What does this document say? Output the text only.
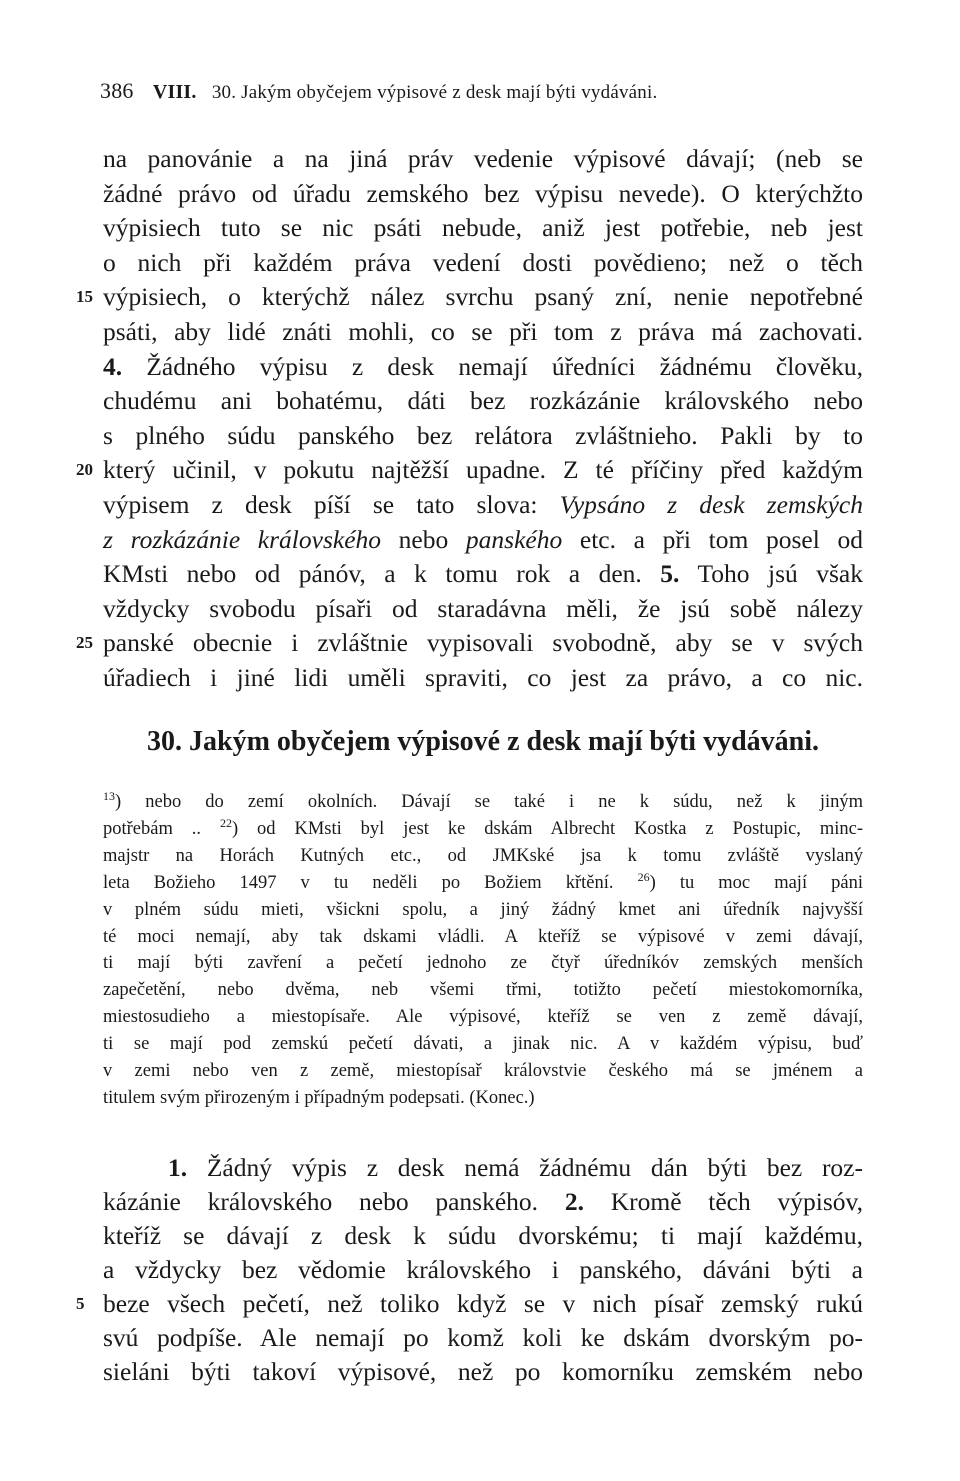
386 VIII. 30. Jakým obyčejem výpisové z desk mají býti vydáváni.
na panovánie a na jiná práv vedenie výpisové dávají; (neb se
žádné právo od úřadu zemského bez výpisu nevede). O kterýchžto
výpisiech tuto se nic psáti nebude, aniž jest potřebie, neb jest
o nich při každém práva vedení dosti povědieno; než o těch
výpisiech, o kterýchž nález svrchu psaný zní, nenie nepotřebné
15
psáti, aby lidé znáti mohli, co se při tom z práva má zachovati.
4. Žádného výpisu z desk nemají úředníci žádnému člověku,
chudému ani bohatému, dáti bez rozkázánie královského nebo
s plného súdu panského bez relátora zvláštnieho. Pakli by to
který učinil, v pokutu najtěžší upadne. Z té příčiny před každým
20
výpisem z desk píší se tato slova: Vypsáno z desk zemských
z rozkázánie královského nebo panského etc. a při tom posel od
KMsti nebo od pánóv, a k tomu rok a den. 5. Toho jsú však
vždycky svobodu písaři od staradávna měli, že jsú sobě nálezy
panské obecnie i zvláštnie vypisovali svobodně, aby se v svých
25
úřadiech i jiné lidi uměli spraviti, co jest za právo, a co nic.
30. Jakým obyčejem výpisové z desk mají býti vydáváni.
$^{13}$) nebo do zemí okolních. Dávají se také i ne k súdu, než k jiným
potřebám .. $^{22}$) od KMsti byl jest ke dskám Albrecht Kostka z Postupic, minc-
majstr na Horách Kutných etc., od JMKské jsa k tomu zvláště vyslaný
leta Božieho 1497 v tu neděli po Božiem křtění. $^{26}$) tu moc mají páni
v plném súdu mieti, všickni spolu, a jiný žádný kmet ani úředník najvyšší
té moci nemají, aby tak dskami vládli. A kteříž se výpisové v zemi dávají,
ti mají býti zavření a pečetí jednoho ze čtyř úředníkóv zemských menších
zapečetění, nebo dvěma, neb všemi třmi, totižto pečetí miestokomorníka,
miestosudieho a miestopísaře. Ale výpisové, kteříž se ven z země dávají,
ti se mají pod zemskú pečetí dávati, a jinak nic. A v každém výpisu, buď
v zemi nebo ven z země, miestopísař královstvie českého má se jménem a
titulem svým přirozeným i případným podepsati. (Konec.)
1. Žádný výpis z desk nemá žádnému dán býti bez roz-
kázánie královského nebo panského. 2. Kromě těch výpisóv,
kteříž se dávají z desk k súdu dvorskému; ti mají každému,
a vždycky bez vědomie královského i panského, dáváni býti a
beze všech pečetí, než toliko když se v nich písař zemský rukú
5
svú podpíše. Ale nemají po komž koli ke dskám dvorským po-
sieláni býti takoví výpisové, než po komorníku zemském nebo
